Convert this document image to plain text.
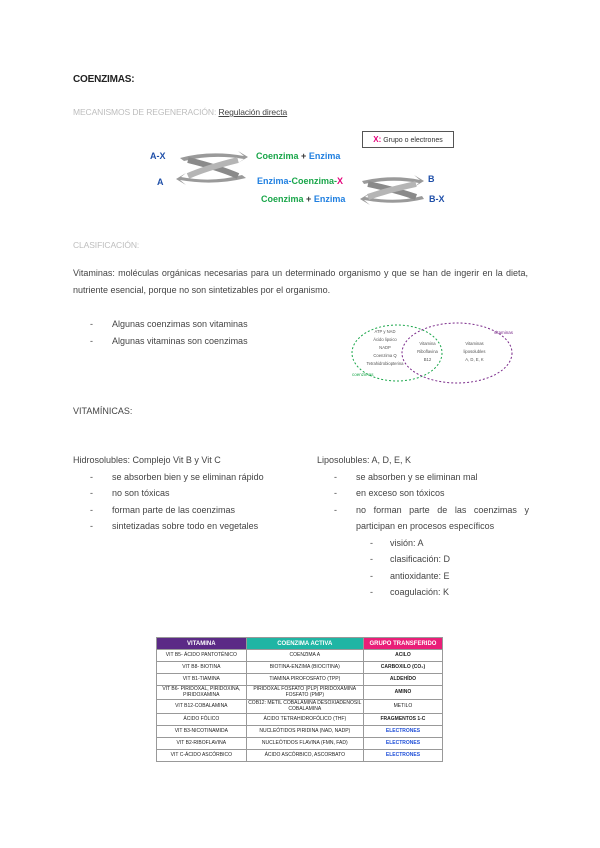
COENZIMAS:
MECANISMOS DE REGENERACIÓN: Regulación directa
X: Grupo o electrones
A-X
A
Coenzima + Enzima
Enzima-Coenzima-X
Coenzima + Enzima
B
B-X
CLASIFICACIÓN:
Vitaminas: moléculas orgánicas necesarias para un determinado organismo y que se han de ingerir en la dieta, nutriente esencial, porque no son sintetizables por el organismo.
-	Algunas coenzimas son vitaminas
-	Algunas vitaminas son coenzimas
coenzimas
vitaminas
ATP y NAD
Ácido lipoico
NADP
Coenzima Q
Tetrahidrobiopterina
Vitamina
Riboflavina
B12
Vitaminas
liposolubles
A, D, E, K
VITAMÍNICAS:
Hidrosolubles: Complejo Vit B y Vit C
-	se absorben bien y se eliminan rápido
-	no son tóxicas
-	forman parte de las coenzimas
-	sintetizadas sobre todo en vegetales
Liposolubles: A, D, E, K
-	se absorben y se eliminan mal
-	en exceso son tóxicos
-	no forman parte de las coenzimas y participan en procesos específicos
-	visión: A
-	clasificación: D
-	antioxidante: E
-	coagulación: K
VITAMINA	COENZIMA ACTIVA	GRUPO TRANSFERIDO
VIT B5- ÁCIDO PANTOTÉNICO	COENZIMA A	ACILO
VIT B8- BIOTINA	BIOTINA-ENZIMA (BIOCITINA)	CARBOXILO (CO₂)
VIT B1-TIAMINA	TIAMINA PIROFOSFATO (TPP)	ALDEHÍDO
VIT B6- PIRIDOXAL, PIRIDOXINA, PIRIDOXAMINA	PIRIDOXAL FOSFATO (PLP) PIRIDOXAMINA FOSFATO (PMP)	AMINO
VIT B12-COBALAMINA	COB12: METIL COBALAMINA DESOXIADENOSIL COBALAMINA	METILO
ÁCIDO FÓLICO	ÁCIDO TETRAHIDROFÓLICO (THF)	FRAGMENTOS 1-C
VIT B3-NICOTINAMIDA	NUCLEÓTIDOS PIRIDINA (NAD, NADP)	ELECTRONES
VIT B2-RIBOFLAVINA	NUCLEÓTIDOS FLAVINA (FMN, FAD)	ELECTRONES
VIT C-ÁCIDO ASCÓRBICO	ÁCIDO ASCÓRBICO, ASCORBATO	ELECTRONES
